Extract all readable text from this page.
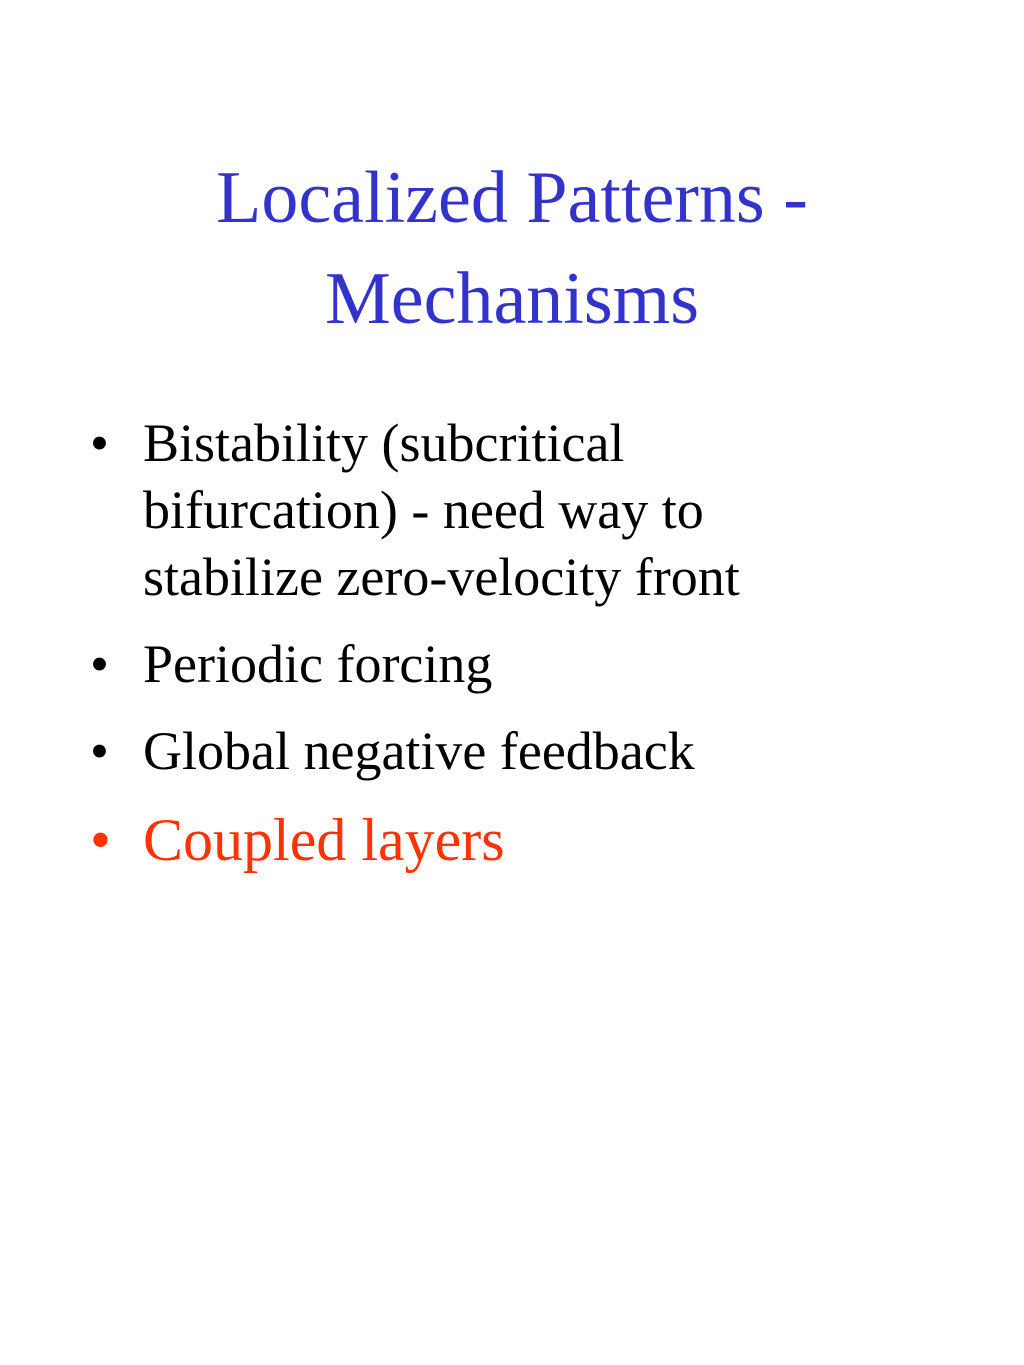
Localized Patterns -
Mechanisms
• Bistability (subcritical
bifurcation) - need way to
stabilize zero-velocity front
• Periodic forcing
• Global negative feedback
• Coupled layers
